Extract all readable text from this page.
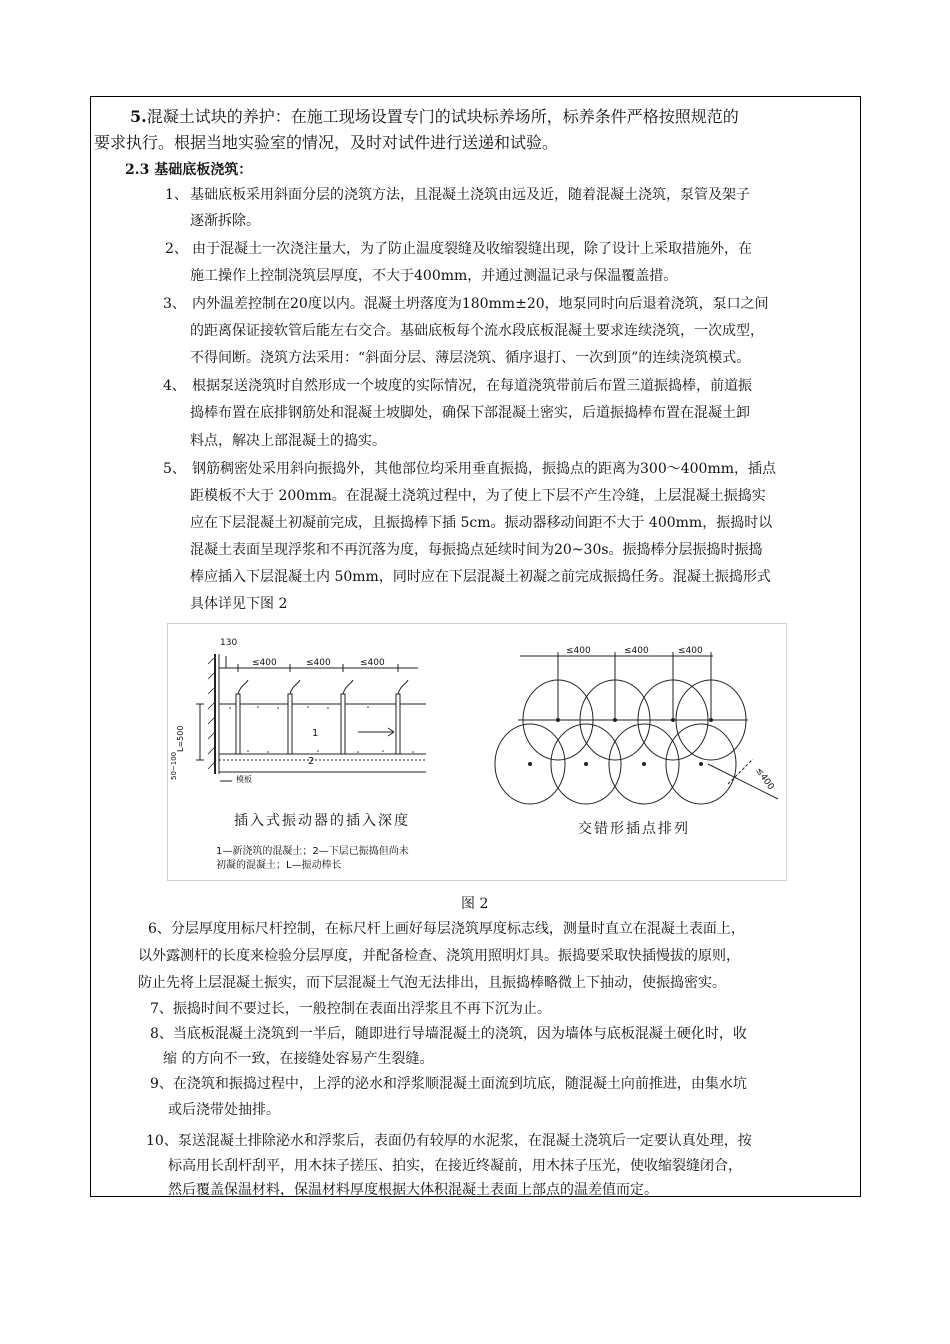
5.混凝土试块的养护：在施工现场设置专门的试块标养场所，标养条件严格按照规范的
要求执行。根据当地实验室的情况，及时对试件进行送递和试验。
2.3 基础底板浇筑：
1、 基础底板采用斜面分层的浇筑方法，且混凝土浇筑由远及近，随着混凝土浇筑，泵管及架子
逐渐拆除。
2、 由于混凝土一次浇注量大，为了防止温度裂缝及收缩裂缝出现，除了设计上采取措施外，在
施工操作上控制浇筑层厚度，不大于400mm，并通过测温记录与保温覆盖措。
3、 内外温差控制在20度以内。混凝土坍落度为180mm±20，地泵同时向后退着浇筑，泵口之间
的距离保证接软管后能左右交合。基础底板每个流水段底板混凝土要求连续浇筑，一次成型，
不得间断。浇筑方法采用：“斜面分层、薄层浇筑、循序退打、一次到顶”的连续浇筑模式。
4、 根据泵送浇筑时自然形成一个坡度的实际情况，在每道浇筑带前后布置三道振捣棒，前道振
捣棒布置在底排钢筋处和混凝土坡脚处，确保下部混凝土密实，后道振捣棒布置在混凝土卸
料点，解决上部混凝土的捣实。
5、 钢筋稠密处采用斜向振捣外，其他部位均采用垂直振捣，振捣点的距离为300～400mm，插点
距模板不大于 200mm。在混凝土浇筑过程中，为了使上下层不产生冷缝，上层混凝土振捣实
应在下层混凝土初凝前完成，且振捣棒下插 5cm。振动器移动间距不大于 400mm，振捣时以
混凝土表面呈现浮浆和不再沉落为度，每振捣点延续时间为20~30s。振捣棒分层振捣时振捣
棒应插入下层混凝土内 50mm，同时应在下层混凝土初凝之前完成振捣任务。混凝土振捣形式
具体详见下图 2
130
≤400	≤400	≤400
L=500
50~100
1
2
模板
插入式振动器的插入深度
1—新浇筑的混凝土；2—下层已振捣但尚未
初凝的混凝土；L—振动棒长
≤400	≤400	≤400
≤400
交错形插点排列
图 2
6、分层厚度用标尺杆控制，在标尺杆上画好每层浇筑厚度标志线，测量时直立在混凝土表面上，
以外露测杆的长度来检验分层厚度，并配备检查、浇筑用照明灯具。振捣要采取快插慢拔的原则，
防止先将上层混凝土振实，而下层混凝土气泡无法排出，且振捣棒略微上下抽动，使振捣密实。
7、振捣时间不要过长，一般控制在表面出浮浆且不再下沉为止。
8、当底板混凝土浇筑到一半后，随即进行导墙混凝土的浇筑，因为墙体与底板混凝土硬化时，收
缩 的方向不一致，在接缝处容易产生裂缝。
9、在浇筑和振捣过程中，上浮的泌水和浮浆顺混凝土面流到坑底，随混凝土向前推进，由集水坑
或后浇带处抽排。
10、泵送混凝土排除泌水和浮浆后，表面仍有较厚的水泥浆，在混凝土浇筑后一定要认真处理，按
标高用长刮杆刮平，用木抹子搓压、拍实，在接近终凝前，用木抹子压光，使收缩裂缝闭合，
然后覆盖保温材料，保温材料厚度根据大体积混凝土表面上部点的温差值而定。
